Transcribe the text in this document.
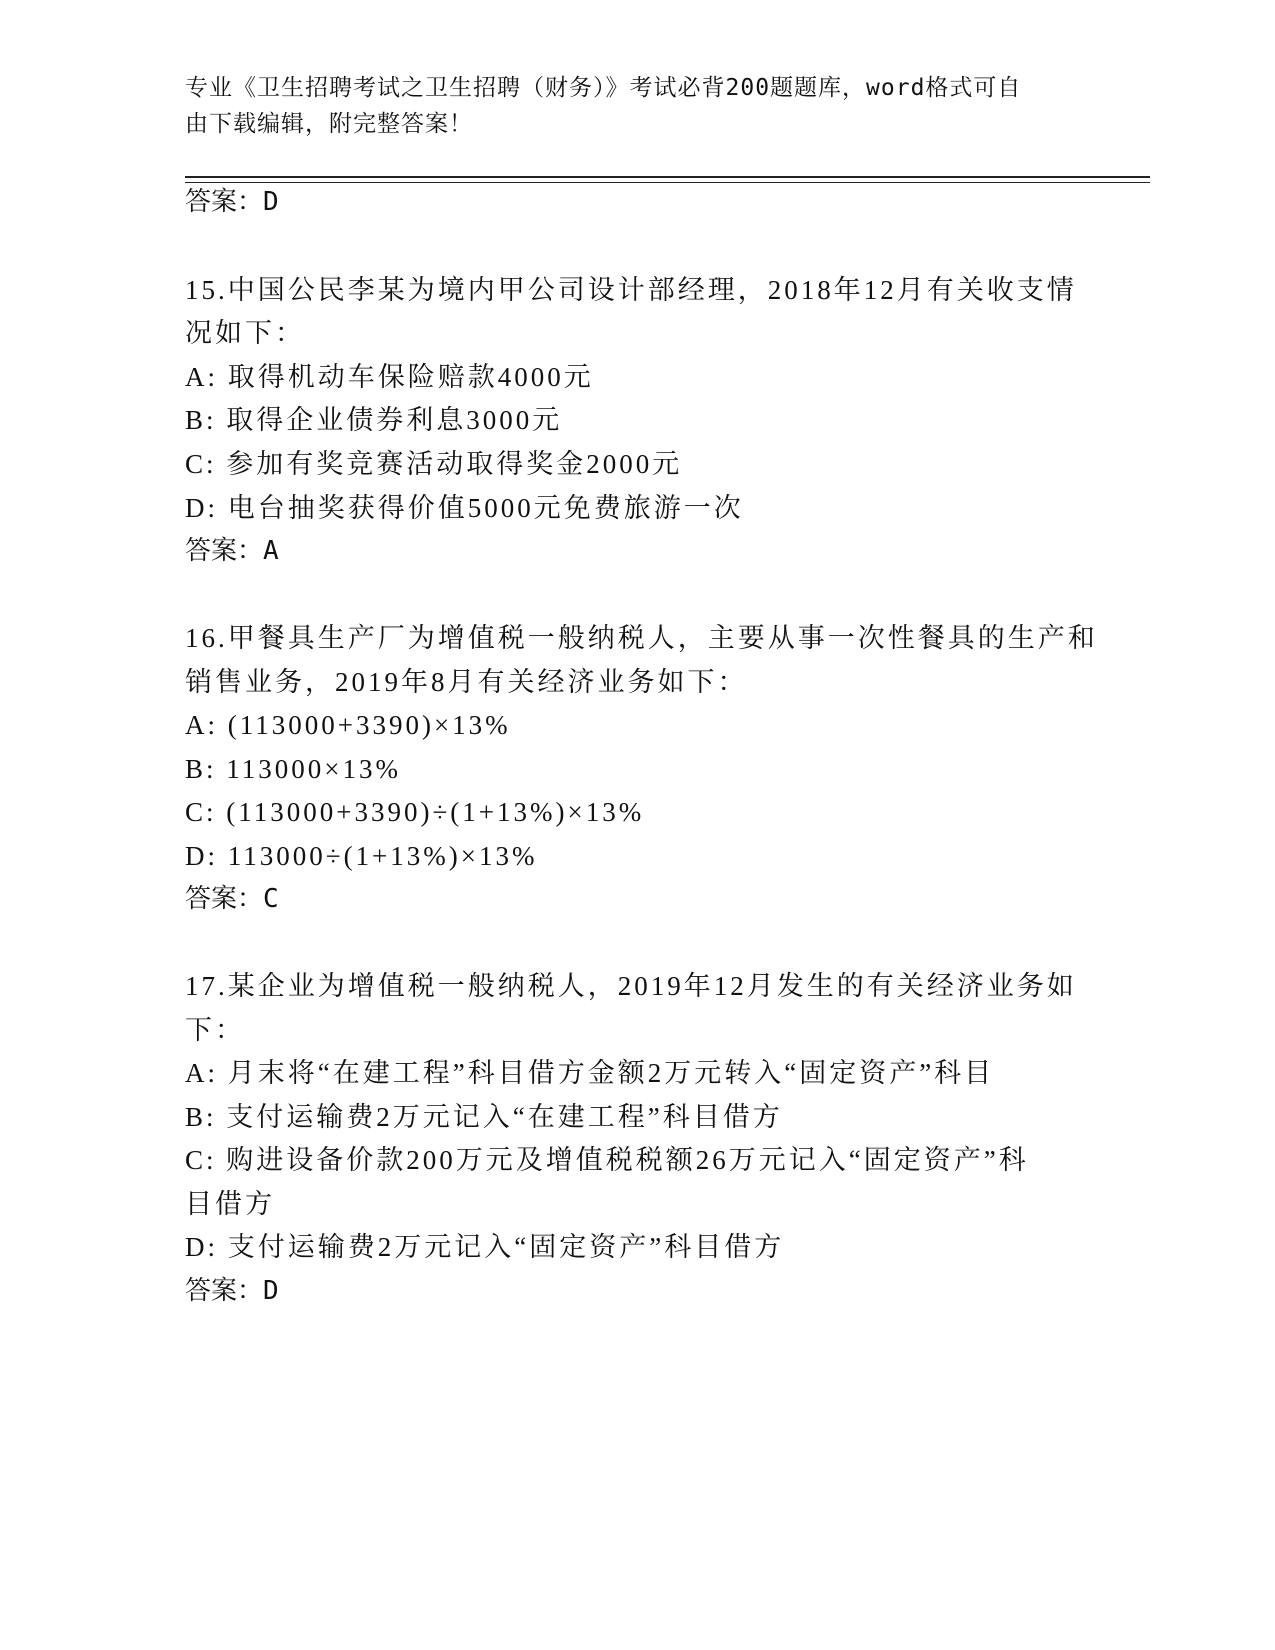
专业《卫生招聘考试之卫生招聘（财务）》考试必背200题题库，word格式可自
由下载编辑，附完整答案！
答案：D
15.中国公民李某为境内甲公司设计部经理，2018年12月有关收支情
况如下：
A: 取得机动车保险赔款4000元
B: 取得企业债券利息3000元
C: 参加有奖竞赛活动取得奖金2000元
D: 电台抽奖获得价值5000元免费旅游一次
答案：A
16.甲餐具生产厂为增值税一般纳税人，主要从事一次性餐具的生产和
销售业务，2019年8月有关经济业务如下：
A: (113000+3390)×13%
B: 113000×13%
C: (113000+3390)÷(1+13%)×13%
D: 113000÷(1+13%)×13%
答案：C
17.某企业为增值税一般纳税人，2019年12月发生的有关经济业务如
下：
A: 月末将“在建工程”科目借方金额2万元转入“固定资产”科目
B: 支付运输费2万元记入“在建工程”科目借方
C: 购进设备价款200万元及增值税税额26万元记入“固定资产”科
目借方
D: 支付运输费2万元记入“固定资产”科目借方
答案：D
